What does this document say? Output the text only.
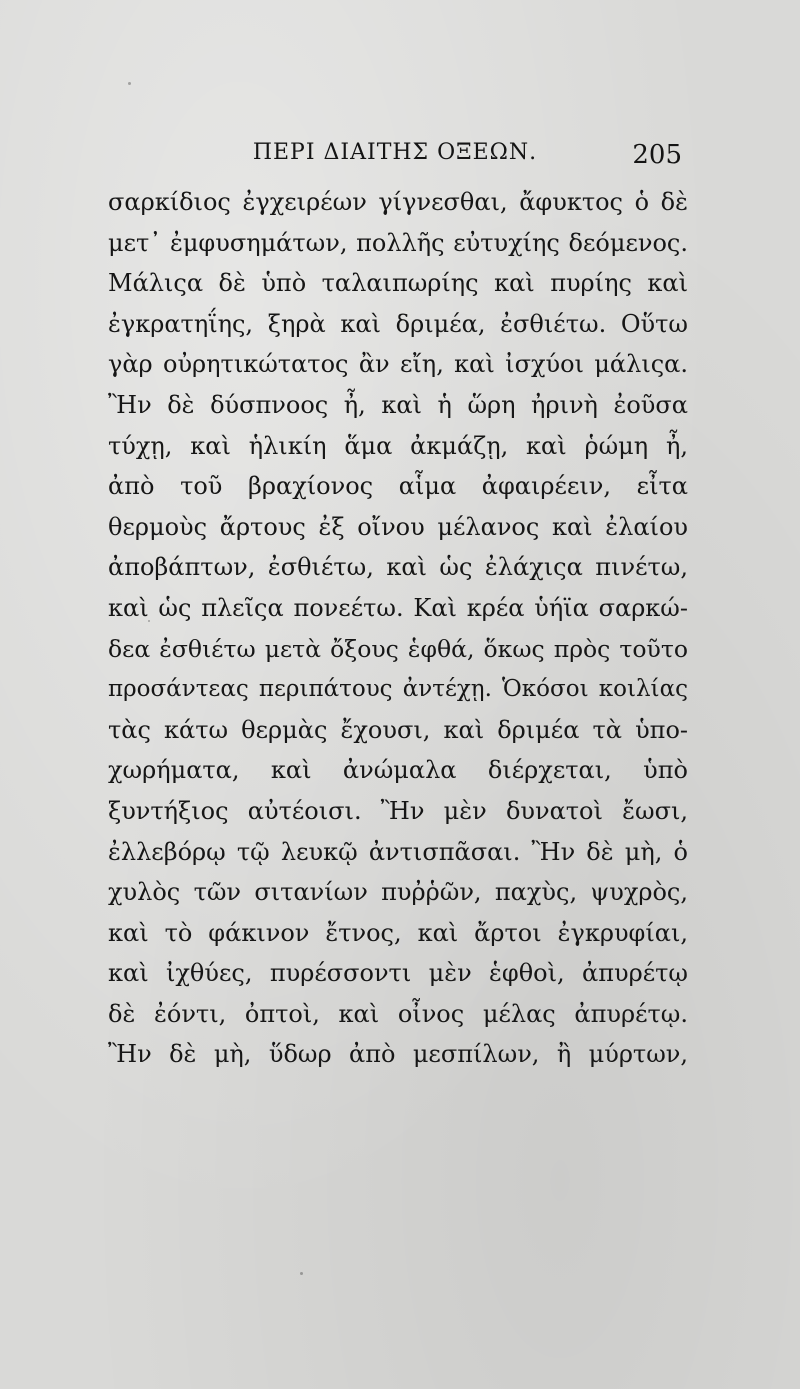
ΠΕΡΙ ΔΙΑΙΤΗΣ ΟΞΕΩΝ.	205
σαρκίδιος ἐγχειρέων γίγνεσθαι, ἄφυκτος ὁ δὲ
μετ᾽ ἐμφυσημάτων, πολλῆς εὐτυχίης δεόμενος.
Μάλιςα δὲ ὑπὸ ταλαιπωρίης καὶ πυρίης καὶ
ἐγκρατηΐης, ξηρὰ καὶ δριμέα, ἐσθιέτω. Οὕτω
γὰρ οὐρητικώτατος ἂν εἴη, καὶ ἰσχύοι μάλιςα.
Ἢν δὲ δύσπνοος ἦ, καὶ ἡ ὥρη ἠρινὴ ἐοῦσα
τύχῃ, καὶ ἡλικίη ἅμα ἀκμάζῃ, καὶ ῥώμη ἦ,
ἀπὸ τοῦ βραχίονος αἷμα ἀφαιρέειν, εἶτα
θερμοὺς ἄρτους ἐξ οἴνου μέλανος καὶ ἐλαίου
ἀποβάπτων, ἐσθιέτω, καὶ ὡς ἐλάχιςα πινέτω,
καὶ ὡς πλεῖςα πονεέτω. Καὶ κρέα ὑήϊα σαρκώ-
δεα ἐσθιέτω μετὰ ὄξους ἑφθά, ὅκως πρὸς τοῦτο
προσάντεας περιπάτους ἀντέχῃ. Ὁκόσοι κοιλίας
τὰς κάτω θερμὰς ἔχουσι, καὶ δριμέα τὰ ὑπο-
χωρήματα, καὶ ἀνώμαλα διέρχεται, ὑπὸ
ξυντήξιος αὐτέοισι. Ἢν μὲν δυνατοὶ ἔωσι,
ἐλλεβόρῳ τῷ λευκῷ ἀντισπᾶσαι. Ἢν δὲ μὴ, ὁ
χυλὸς τῶν σιτανίων πυῤῥῶν, παχὺς, ψυχρὸς,
καὶ τὸ φάκινον ἔτνος, καὶ ἄρτοι ἐγκρυφίαι,
καὶ ἰχθύες, πυρέσσοντι μὲν ἑφθοὶ, ἀπυρέτῳ
δὲ ἐόντι, ὀπτοὶ, καὶ οἶνος μέλας ἀπυρέτῳ.
Ἢν δὲ μὴ, ὕδωρ ἀπὸ μεσπίλων, ἢ μύρτων,
